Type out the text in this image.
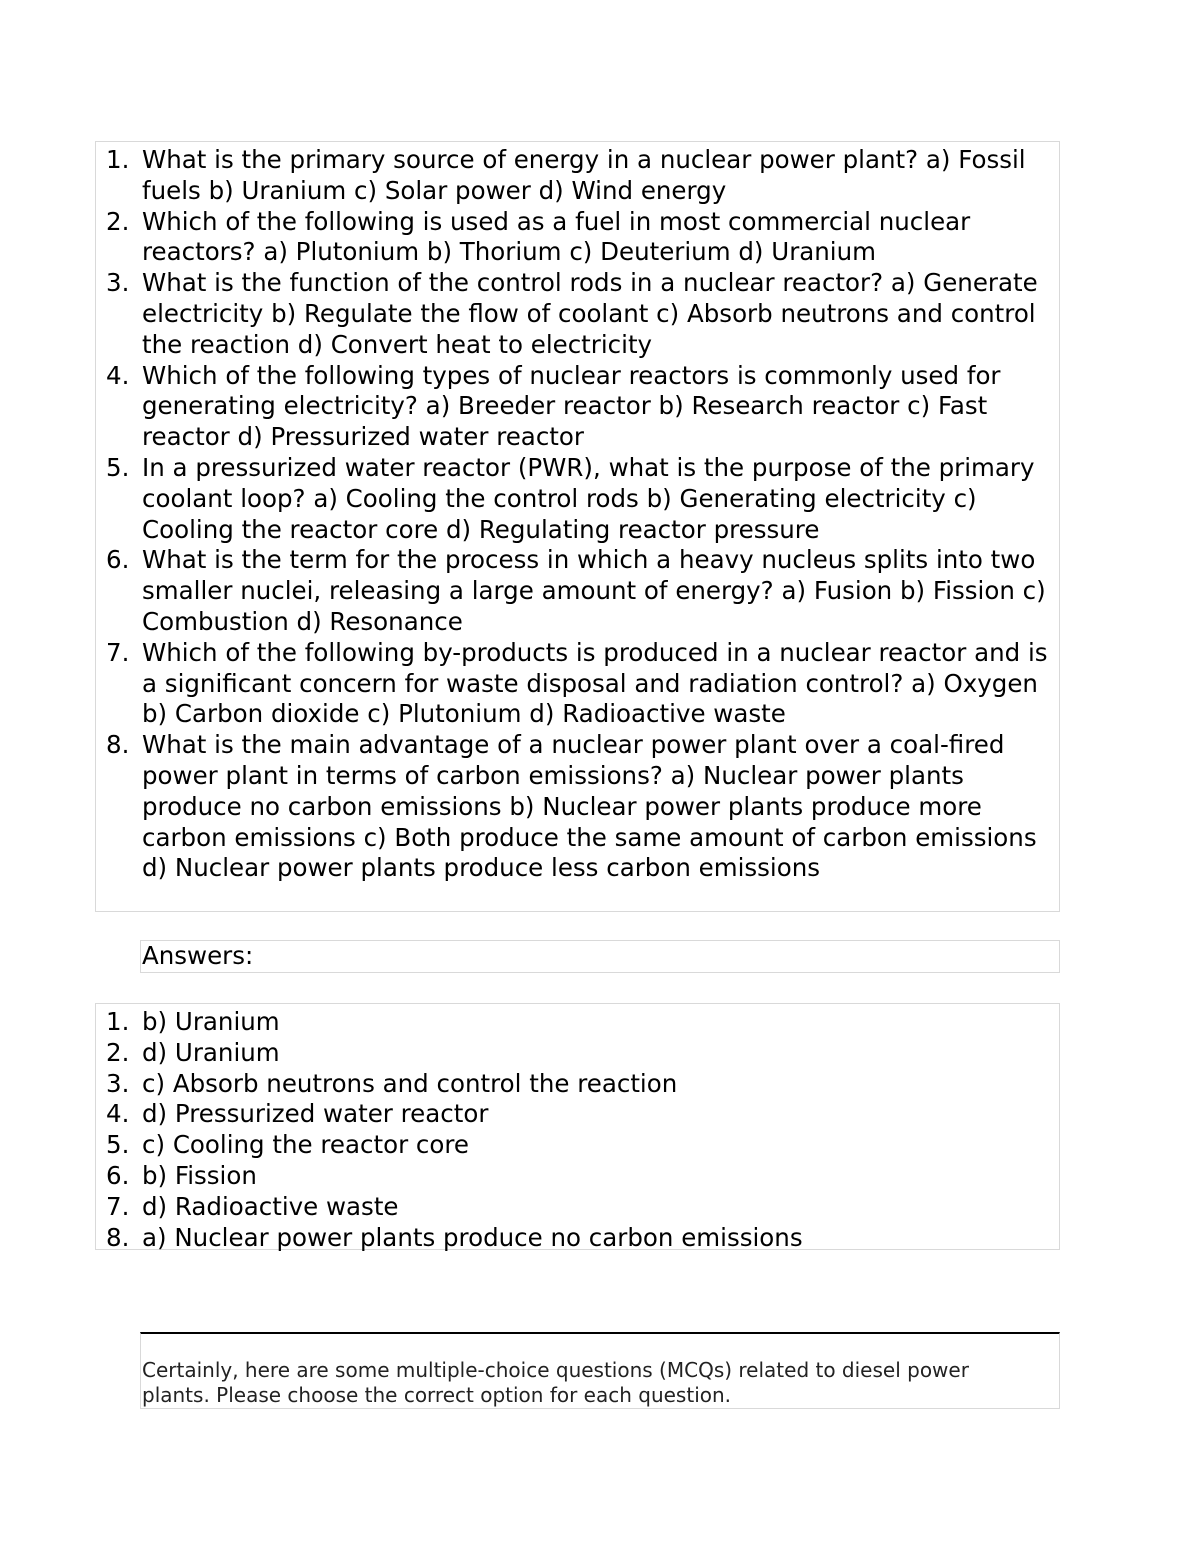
1. What is the primary source of energy in a nuclear power plant? a) Fossil fuels b) Uranium c) Solar power d) Wind energy
2. Which of the following is used as a fuel in most commercial nuclear reactors? a) Plutonium b) Thorium c) Deuterium d) Uranium
3. What is the function of the control rods in a nuclear reactor? a) Generate electricity b) Regulate the flow of coolant c) Absorb neutrons and control the reaction d) Convert heat to electricity
4. Which of the following types of nuclear reactors is commonly used for generating electricity? a) Breeder reactor b) Research reactor c) Fast reactor d) Pressurized water reactor
5. In a pressurized water reactor (PWR), what is the purpose of the primary coolant loop? a) Cooling the control rods b) Generating electricity c) Cooling the reactor core d) Regulating reactor pressure
6. What is the term for the process in which a heavy nucleus splits into two smaller nuclei, releasing a large amount of energy? a) Fusion b) Fission c) Combustion d) Resonance
7. Which of the following by-products is produced in a nuclear reactor and is a significant concern for waste disposal and radiation control? a) Oxygen b) Carbon dioxide c) Plutonium d) Radioactive waste
8. What is the main advantage of a nuclear power plant over a coal-fired power plant in terms of carbon emissions? a) Nuclear power plants produce no carbon emissions b) Nuclear power plants produce more carbon emissions c) Both produce the same amount of carbon emissions d) Nuclear power plants produce less carbon emissions
Answers:
1. b) Uranium
2. d) Uranium
3. c) Absorb neutrons and control the reaction
4. d) Pressurized water reactor
5. c) Cooling the reactor core
6. b) Fission
7. d) Radioactive waste
8. a) Nuclear power plants produce no carbon emissions
Certainly, here are some multiple-choice questions (MCQs) related to diesel power plants. Please choose the correct option for each question.
